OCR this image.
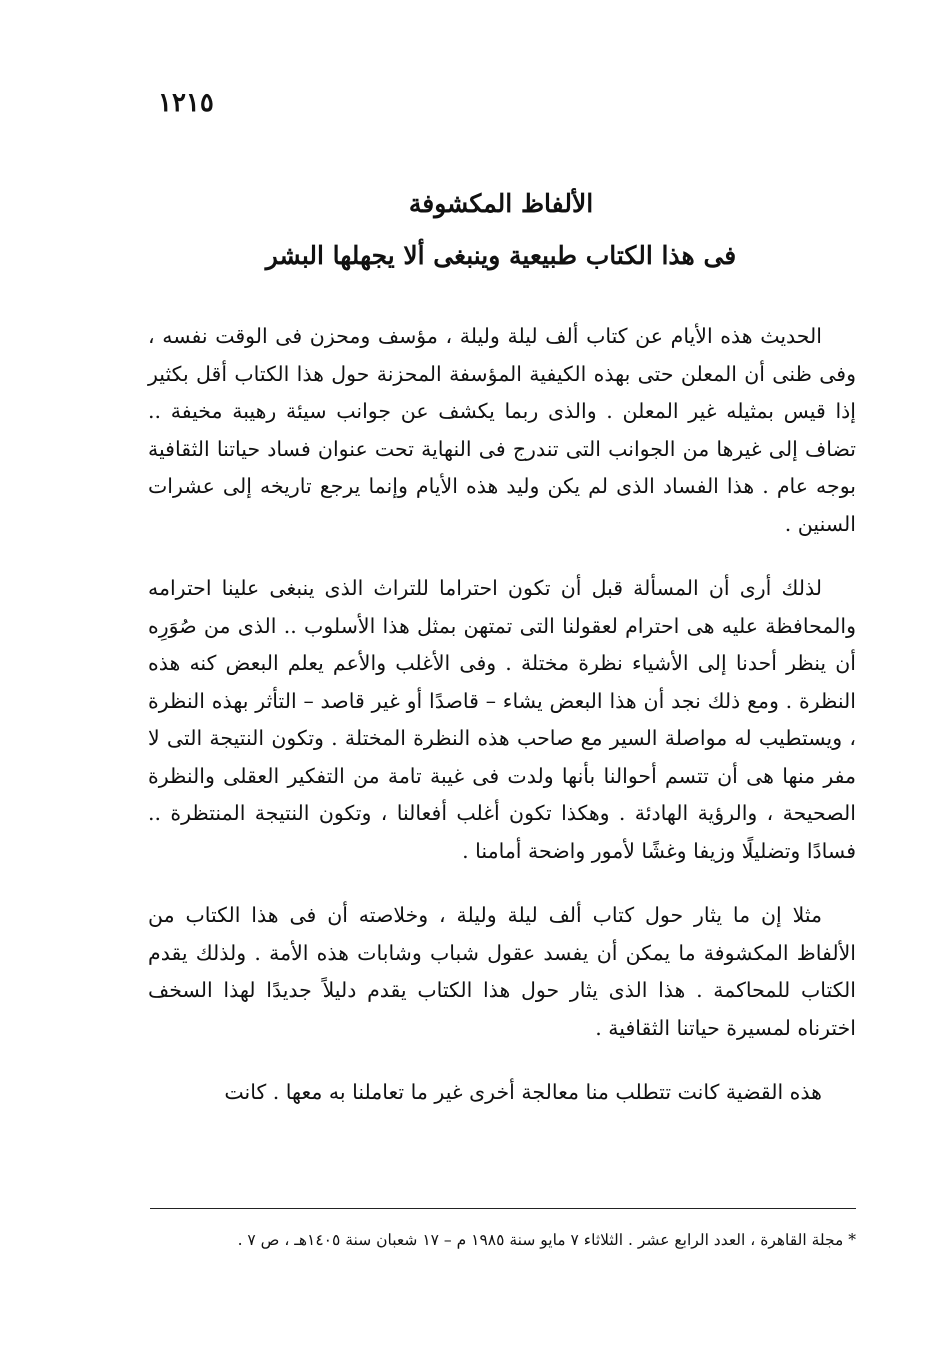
١٢١٥
الألفاظ المكشوفة
فى هذا الكتاب طبيعية وينبغى ألا يجهلها البشر

الحديث هذه الأيام عن كتاب ألف ليلة وليلة ، مؤسف ومحزن فى الوقت نفسه ، وفى ظنى أن المعلن حتى بهذه الكيفية المؤسفة المحزنة حول هذا الكتاب أقل بكثير إذا قيس بمثيله غير المعلن . والذى ربما يكشف عن جوانب سيئة رهيبة مخيفة .. تضاف إلى غيرها من الجوانب التى تندرج فى النهاية تحت عنوان فساد حياتنا الثقافية بوجه عام . هذا الفساد الذى لم يكن وليد هذه الأيام وإنما يرجع تاريخه إلى عشرات السنين .

لذلك أرى أن المسألة قبل أن تكون احتراما للتراث الذى ينبغى علينا احترامه والمحافظة عليه هى احترام لعقولنا التى تمتهن بمثل هذا الأسلوب .. الذى من صُوَرِه أن ينظر أحدنا إلى الأشياء نظرة مختلة . وفى الأغلب والأعم يعلم البعض كنه هذه النظرة . ومع ذلك نجد أن هذا البعض يشاء – قاصدًا أو غير قاصد – التأثر بهذه النظرة ، ويستطيب له مواصلة السير مع صاحب هذه النظرة المختلة . وتكون النتيجة التى لا مفر منها هى أن تتسم أحوالنا بأنها ولدت فى غيبة تامة من التفكير العقلى والنظرة الصحيحة ، والرؤية الهادئة . وهكذا تكون أغلب أفعالنا ، وتكون النتيجة المنتظرة .. فسادًا وتضليلًا وزيفا وغشًا لأمور واضحة أمامنا .

مثلا إن ما يثار حول كتاب ألف ليلة وليلة ، وخلاصته أن فى هذا الكتاب من الألفاظ المكشوفة ما يمكن أن يفسد عقول شباب وشابات هذه الأمة . ولذلك يقدم الكتاب للمحاكمة . هذا الذى يثار حول هذا الكتاب يقدم دليلاً جديدًا لهذا السخف اخترناه لمسيرة حياتنا الثقافية .

هذه القضية كانت تتطلب منا معالجة أخرى غير ما تعاملنا به معها . كانت

* مجلة القاهرة ، العدد الرابع عشر . الثلاثاء ٧ مايو سنة ١٩٨٥ م – ١٧ شعبان سنة ١٤٠٥هـ ، ص ٧ .
